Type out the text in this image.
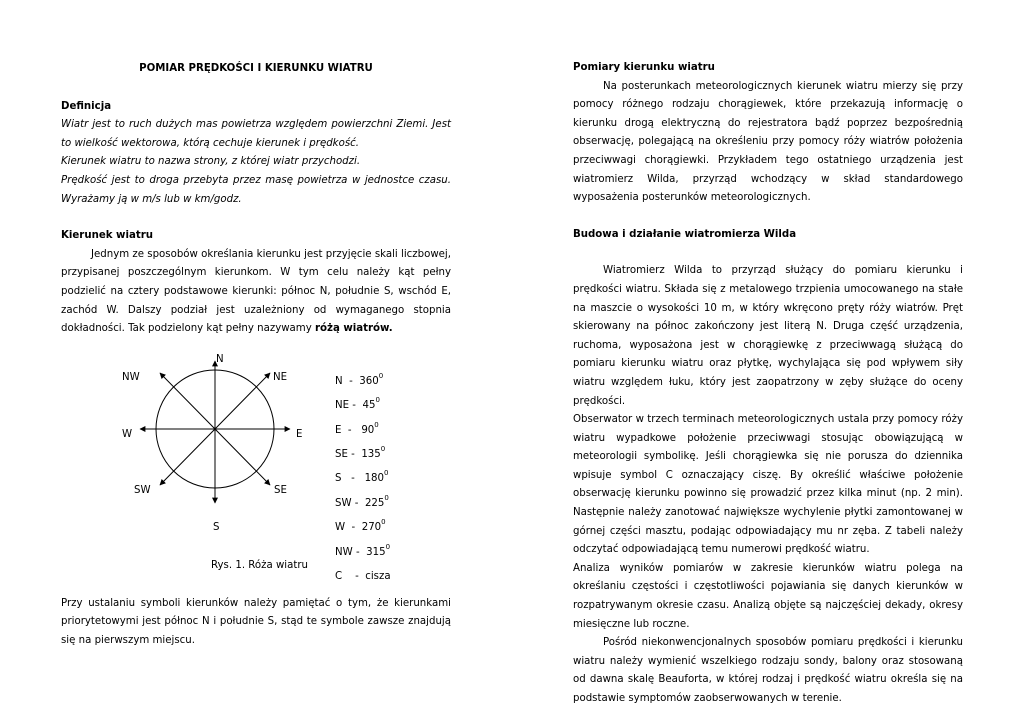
POMIAR PRĘDKOŚCI I KIERUNKU WIATRU
Definicja

Wiatr jest to ruch dużych mas powietrza względem powierzchni Ziemi. Jest to wielkość wektorowa, którą cechuje kierunek i prędkość.

Kierunek wiatru to nazwa strony, z której wiatr przychodzi.

Prędkość jest to droga przebyta przez masę powietrza w jednostce czasu. Wyrażamy ją w m/s lub w km/godz.

Kierunek wiatru

Jednym ze sposobów określania kierunku jest przyjęcie skali liczbowej, przypisanej poszczególnym kierunkom. W tym celu należy kąt pełny podzielić na cztery podstawowe kierunki: północ N, południe S, wschód E, zachód W. Dalszy podział jest uzależniony od wymaganego stopnia dokładności. Tak podzielony kąt pełny nazywamy różą wiatrów.

N
NW	NE
W	E
SW	SE
S
N  -  $360^0$
NE -  $45^0$
E  -   $90^0$
SE -  $135^0$
S   -   $180^0$
SW -  $225^0$
W  -  $270^0$
NW -  $315^0$
C    -  cisza
Rys. 1. Róża wiatru

Przy ustalaniu symboli kierunków należy pamiętać o tym, że kierunkami priorytetowymi jest północ N i południe S, stąd te symbole zawsze znajdują się na pierwszym miejscu.

Pomiary kierunku wiatru

Na posterunkach meteorologicznych kierunek wiatru mierzy się przy pomocy różnego rodzaju chorągiewek, które przekazują informację o kierunku drogą elektryczną do rejestratora bądź poprzez bezpośrednią obserwację, polegającą na określeniu przy pomocy róży wiatrów położenia przeciwwagi chorągiewki. Przykładem tego ostatniego urządzenia jest wiatromierz Wilda, przyrząd wchodzący w skład standardowego wyposażenia posterunków meteorologicznych.

Budowa i działanie wiatromierza Wilda

Wiatromierz Wilda to przyrząd służący do pomiaru kierunku i prędkości wiatru. Składa się z metalowego trzpienia umocowanego na stałe na maszcie o wysokości 10 m, w który wkręcono pręty róży wiatrów. Pręt skierowany na północ zakończony jest literą N. Druga część urządzenia, ruchoma, wyposażona jest w chorągiewkę z przeciwwagą służącą do pomiaru kierunku wiatru oraz płytkę, wychylająca się pod wpływem siły wiatru względem łuku, który jest zaopatrzony w zęby służące do oceny prędkości.

Obserwator w trzech terminach meteorologicznych ustala przy pomocy róży wiatru wypadkowe położenie przeciwwagi stosując obowiązującą w meteorologii symbolikę. Jeśli chorągiewka się nie porusza do dziennika wpisuje symbol C oznaczający ciszę. By określić właściwe położenie obserwację kierunku powinno się prowadzić przez kilka minut (np. 2 min). Następnie należy zanotować największe wychylenie płytki zamontowanej w górnej części masztu, podając odpowiadający mu nr zęba. Z tabeli należy odczytać odpowiadającą temu numerowi prędkość wiatru.

Analiza wyników pomiarów w zakresie kierunków wiatru polega na określaniu częstości i częstotliwości pojawiania się danych kierunków w rozpatrywanym okresie czasu. Analizą objęte są najczęściej dekady, okresy miesięczne lub roczne.

Pośród niekonwencjonalnych sposobów pomiaru prędkości i kierunku wiatru należy wymienić wszelkiego rodzaju sondy, balony oraz stosowaną od dawna skalę Beauforta, w której rodzaj i prędkość wiatru określa się na podstawie symptomów zaobserwowanych w terenie.
